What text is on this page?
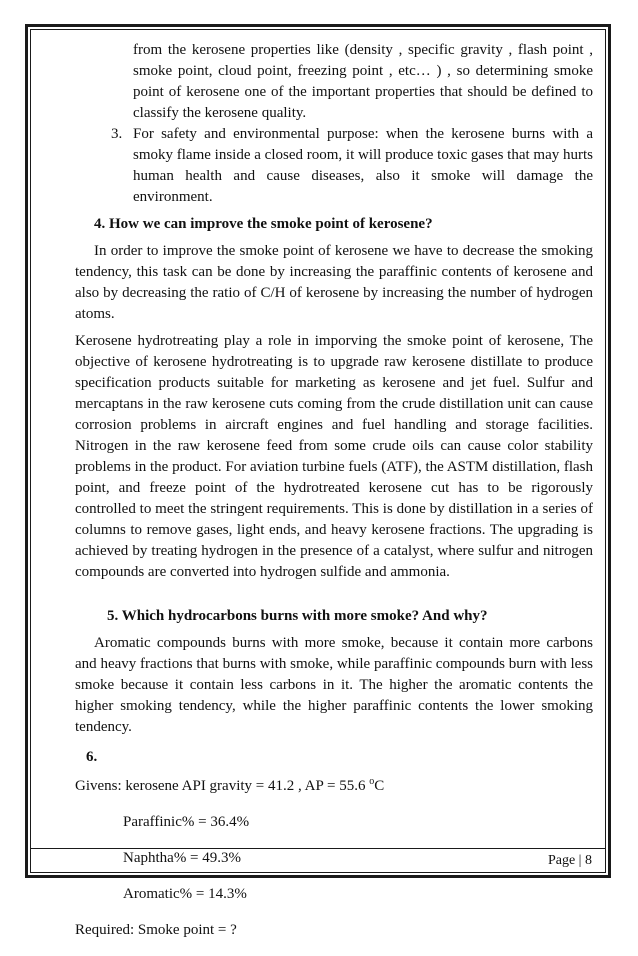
from the kerosene properties like (density , specific gravity , flash point , smoke point, cloud point, freezing point , etc… ) , so determining smoke point of kerosene one of the important properties that should be defined to classify the kerosene quality.

3. For safety and environmental purpose: when the kerosene burns with a smoky flame inside a closed room, it will produce toxic gases that may hurts human health and cause diseases, also it smoke will damage the environment.

4. How we can improve the smoke point of kerosene?

In order to improve the smoke point of kerosene we have to decrease the smoking tendency, this task can be done by increasing the paraffinic contents of kerosene and also by decreasing the ratio of C/H of kerosene by increasing the number of hydrogen atoms.

Kerosene hydrotreating play a role in imporving the smoke point of kerosene, The objective of kerosene hydrotreating is to upgrade raw kerosene distillate to produce specification products suitable for marketing as kerosene and jet fuel. Sulfur and mercaptans in the raw kerosene cuts coming from the crude distillation unit can cause corrosion problems in aircraft engines and fuel handling and storage facilities. Nitrogen in the raw kerosene feed from some crude oils can cause color stability problems in the product. For aviation turbine fuels (ATF), the ASTM distillation, flash point, and freeze point of the hydrotreated kerosene cut has to be rigorously controlled to meet the stringent requirements. This is done by distillation in a series of columns to remove gases, light ends, and heavy kerosene fractions. The upgrading is achieved by treating hydrogen in the presence of a catalyst, where sulfur and nitrogen compounds are converted into hydrogen sulfide and ammonia.

5. Which hydrocarbons burns with more smoke? And why?

Aromatic compounds burns with more smoke, because it contain more carbons and heavy fractions that burns with smoke, while paraffinic compounds burn with less smoke because it contain less carbons in it. The higher the aromatic contents the higher smoking tendency, while the higher paraffinic contents the lower smoking tendency.

6.

Givens: kerosene API gravity = 41.2 , AP = 55.6 $^o$C

Paraffinic% = 36.4%

Naphtha% = 49.3%

Aromatic% = 14.3%

Required: Smoke point = ?

Page | 8
